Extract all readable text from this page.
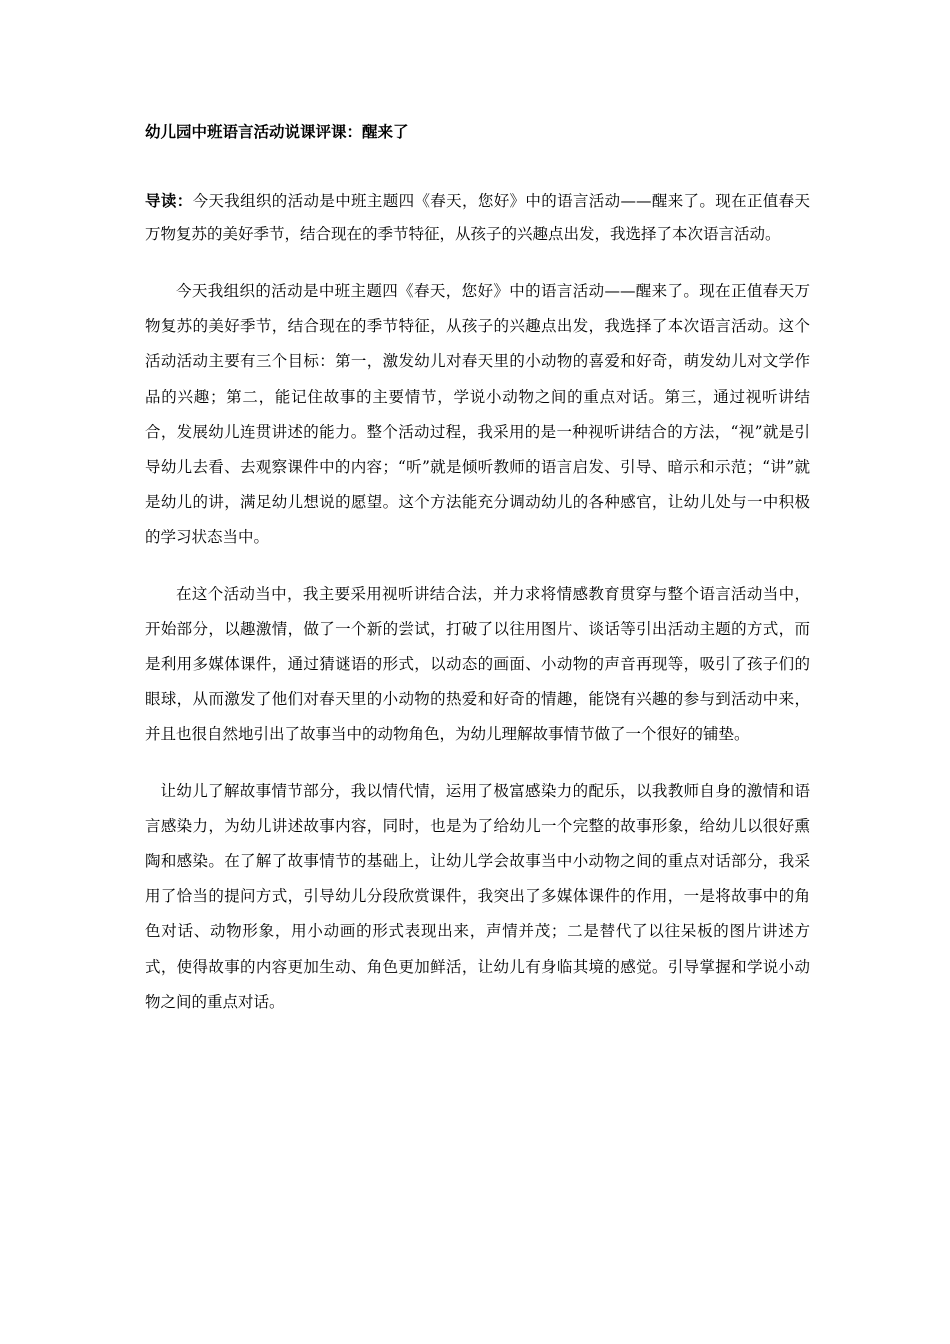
幼儿园中班语言活动说课评课：醒来了

导读：今天我组织的活动是中班主题四《春天，您好》中的语言活动——醒来了。现在正值春天万物复苏的美好季节，结合现在的季节特征，从孩子的兴趣点出发，我选择了本次语言活动。

今天我组织的活动是中班主题四《春天，您好》中的语言活动——醒来了。现在正值春天万物复苏的美好季节，结合现在的季节特征，从孩子的兴趣点出发，我选择了本次语言活动。这个活动活动主要有三个目标：第一，激发幼儿对春天里的小动物的喜爱和好奇，萌发幼儿对文学作品的兴趣；第二，能记住故事的主要情节，学说小动物之间的重点对话。第三，通过视听讲结合，发展幼儿连贯讲述的能力。整个活动过程，我采用的是一种视听讲结合的方法，“视”就是引导幼儿去看、去观察课件中的内容；“听”就是倾听教师的语言启发、引导、暗示和示范；“讲”就是幼儿的讲，满足幼儿想说的愿望。这个方法能充分调动幼儿的各种感官，让幼儿处与一中积极的学习状态当中。

在这个活动当中，我主要采用视听讲结合法，并力求将情感教育贯穿与整个语言活动当中，开始部分，以趣激情，做了一个新的尝试，打破了以往用图片、谈话等引出活动主题的方式，而是利用多媒体课件，通过猜谜语的形式，以动态的画面、小动物的声音再现等，吸引了孩子们的眼球，从而激发了他们对春天里的小动物的热爱和好奇的情趣，能饶有兴趣的参与到活动中来，并且也很自然地引出了故事当中的动物角色，为幼儿理解故事情节做了一个很好的铺垫。

让幼儿了解故事情节部分，我以情代情，运用了极富感染力的配乐，以我教师自身的激情和语言感染力，为幼儿讲述故事内容，同时，也是为了给幼儿一个完整的故事形象，给幼儿以很好熏陶和感染。在了解了故事情节的基础上，让幼儿学会故事当中小动物之间的重点对话部分，我采用了恰当的提问方式，引导幼儿分段欣赏课件，我突出了多媒体课件的作用，一是将故事中的角色对话、动物形象，用小动画的形式表现出来，声情并茂；二是替代了以往呆板的图片讲述方式，使得故事的内容更加生动、角色更加鲜活，让幼儿有身临其境的感觉。引导掌握和学说小动物之间的重点对话。
